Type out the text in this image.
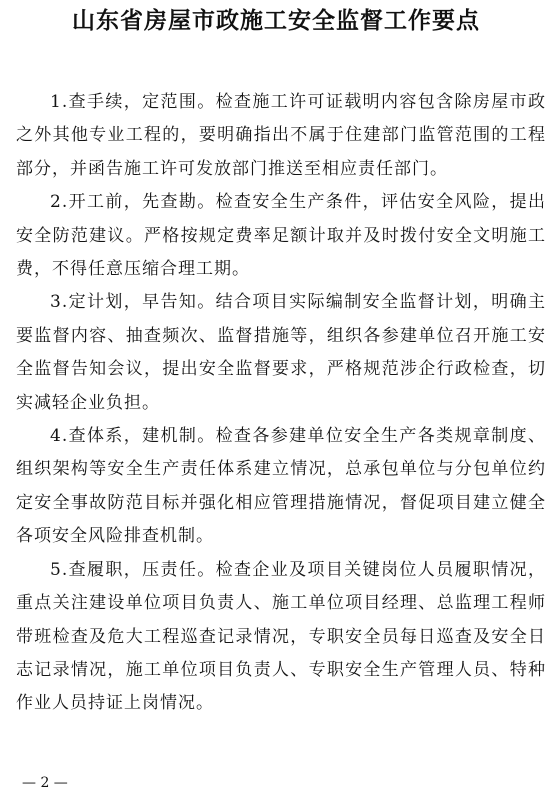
山东省房屋市政施工安全监督工作要点

1.查手续，定范围。检查施工许可证载明内容包含除房屋市政之外其他专业工程的，要明确指出不属于住建部门监管范围的工程部分，并函告施工许可发放部门推送至相应责任部门。

2.开工前，先查勘。检查安全生产条件，评估安全风险，提出安全防范建议。严格按规定费率足额计取并及时拨付安全文明施工费，不得任意压缩合理工期。

3.定计划，早告知。结合项目实际编制安全监督计划，明确主要监督内容、抽查频次、监督措施等，组织各参建单位召开施工安全监督告知会议，提出安全监督要求，严格规范涉企行政检查，切实减轻企业负担。

4.查体系，建机制。检查各参建单位安全生产各类规章制度、组织架构等安全生产责任体系建立情况，总承包单位与分包单位约定安全事故防范目标并强化相应管理措施情况，督促项目建立健全各项安全风险排查机制。

5.查履职，压责任。检查企业及项目关键岗位人员履职情况，重点关注建设单位项目负责人、施工单位项目经理、总监理工程师带班检查及危大工程巡查记录情况，专职安全员每日巡查及安全日志记录情况，施工单位项目负责人、专职安全生产管理人员、特种作业人员持证上岗情况。

— 2 —
